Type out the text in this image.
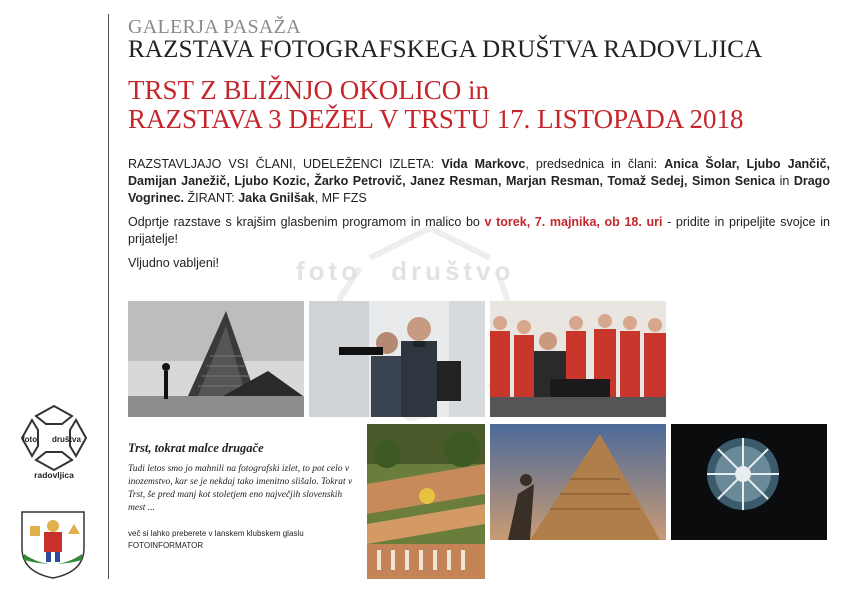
GALERJA PASAŽA
RAZSTAVA FOTOGRAFSKEGA DRUŠTVA RADOVLJICA
TRST Z BLIŽNJO OKOLICO in
RAZSTAVA 3 DEŽEL V TRSTU 17. LISTOPADA 2018
foto društvo

RAZSTAVLJAJO VSI ČLANI, UDELEŽENCI IZLETA: Vida Markovc, predsednica in člani: Anica Šolar, Ljubo Jančič, Damijan Janežič, Ljubo Kozic, Žarko Petrovič, Janez Resman, Marjan Resman, Tomaž Sedej, Simon Senica in Drago Vogrinec. ŽIRANT: Jaka Gnilšak, MF FZS

Odprtje razstave s krajšim glasbenim programom in malico bo v torek, 7. majnika, ob 18. uri - pridite in pripeljite svojce in prijatelje!

Vljudno vabljeni!

Trst, tokrat malce drugače
Tudi letos smo jo mahnili na fotografski izlet, to pot celo v inozemstvo, kar se je nekdaj tako imenitno slišalo. Tokrat v Trst, še pred manj kot stoletjem eno največjih slovenskih mest ...
več si lahko preberete v lanskem klubskem glaslu FOTOINFORMATOR
foto društva
radovljica
